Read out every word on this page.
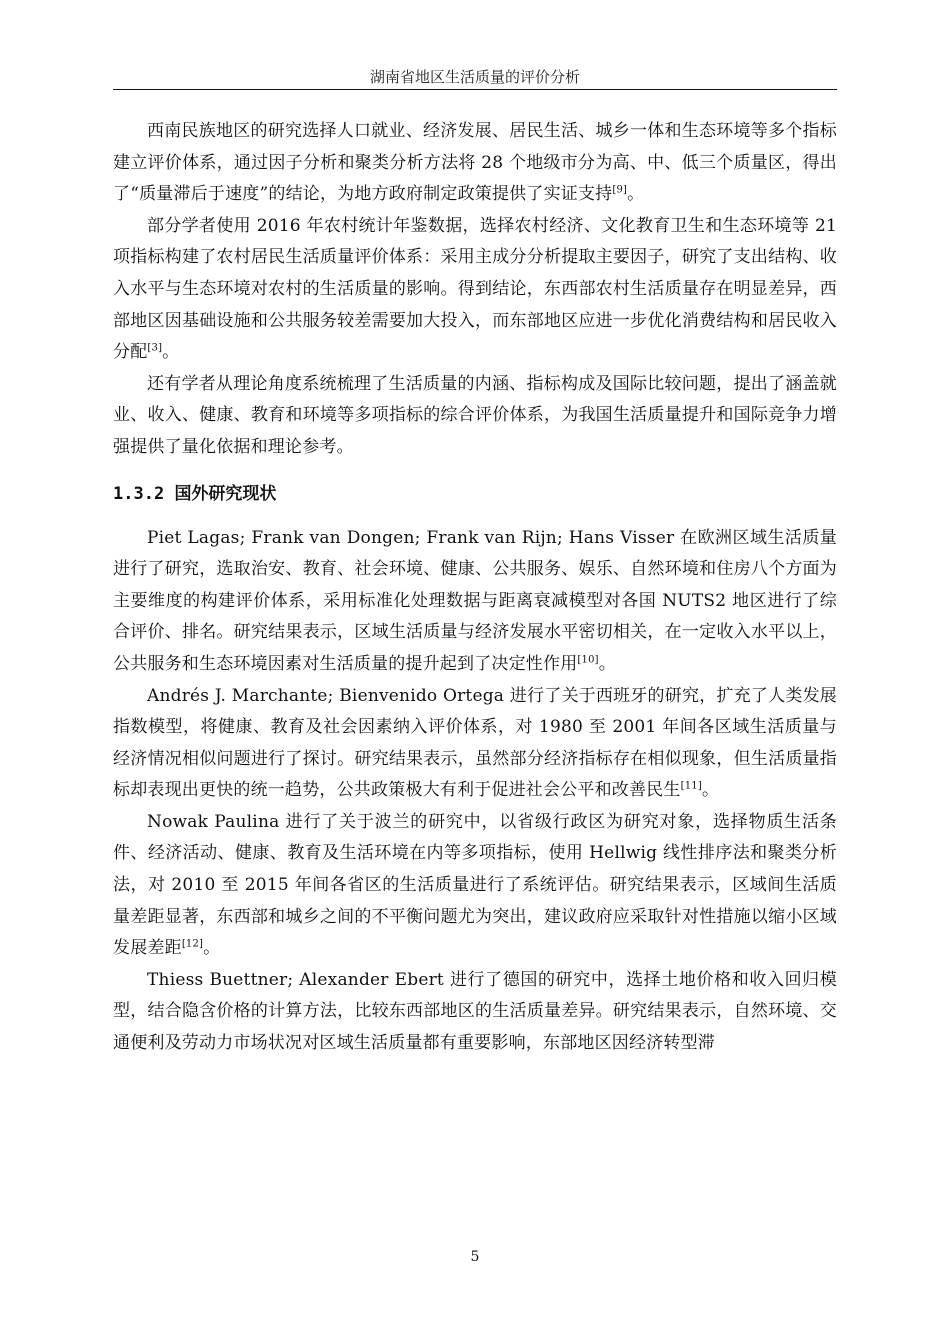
湖南省地区生活质量的评价分析

西南民族地区的研究选择人口就业、经济发展、居民生活、城乡一体和生态环境等多个指标建立评价体系，通过因子分析和聚类分析方法将 28 个地级市分为高、中、低三个质量区，得出了“质量滞后于速度”的结论，为地方政府制定政策提供了实证支持[9]。

部分学者使用 2016 年农村统计年鉴数据，选择农村经济、文化教育卫生和生态环境等 21 项指标构建了农村居民生活质量评价体系：采用主成分分析提取主要因子，研究了支出结构、收入水平与生态环境对农村的生活质量的影响。得到结论，东西部农村生活质量存在明显差异，西部地区因基础设施和公共服务较差需要加大投入，而东部地区应进一步优化消费结构和居民收入分配[3]。

还有学者从理论角度系统梳理了生活质量的内涵、指标构成及国际比较问题，提出了涵盖就业、收入、健康、教育和环境等多项指标的综合评价体系，为我国生活质量提升和国际竞争力增强提供了量化依据和理论参考。

1.3.2 国外研究现状

Piet Lagas; Frank van Dongen; Frank van Rijn; Hans Visser 在欧洲区域生活质量进行了研究，选取治安、教育、社会环境、健康、公共服务、娱乐、自然环境和住房八个方面为主要维度的构建评价体系，采用标准化处理数据与距离衰减模型对各国 NUTS2 地区进行了综合评价、排名。研究结果表示，区域生活质量与经济发展水平密切相关，在一定收入水平以上，公共服务和生态环境因素对生活质量的提升起到了决定性作用[10]。

Andrés J. Marchante; Bienvenido Ortega 进行了关于西班牙的研究，扩充了人类发展指数模型，将健康、教育及社会因素纳入评价体系，对 1980 至 2001 年间各区域生活质量与经济情况相似问题进行了探讨。研究结果表示，虽然部分经济指标存在相似现象，但生活质量指标却表现出更快的统一趋势，公共政策极大有利于促进社会公平和改善民生[11]。

Nowak Paulina 进行了关于波兰的研究中，以省级行政区为研究对象，选择物质生活条件、经济活动、健康、教育及生活环境在内等多项指标，使用 Hellwig 线性排序法和聚类分析法，对 2010 至 2015 年间各省区的生活质量进行了系统评估。研究结果表示，区域间生活质量差距显著，东西部和城乡之间的不平衡问题尤为突出，建议政府应采取针对性措施以缩小区域发展差距[12]。

Thiess Buettner; Alexander Ebert 进行了德国的研究中，选择土地价格和收入回归模型，结合隐含价格的计算方法，比较东西部地区的生活质量差异。研究结果表示，自然环境、交通便利及劳动力市场状况对区域生活质量都有重要影响，东部地区因经济转型滞

5
